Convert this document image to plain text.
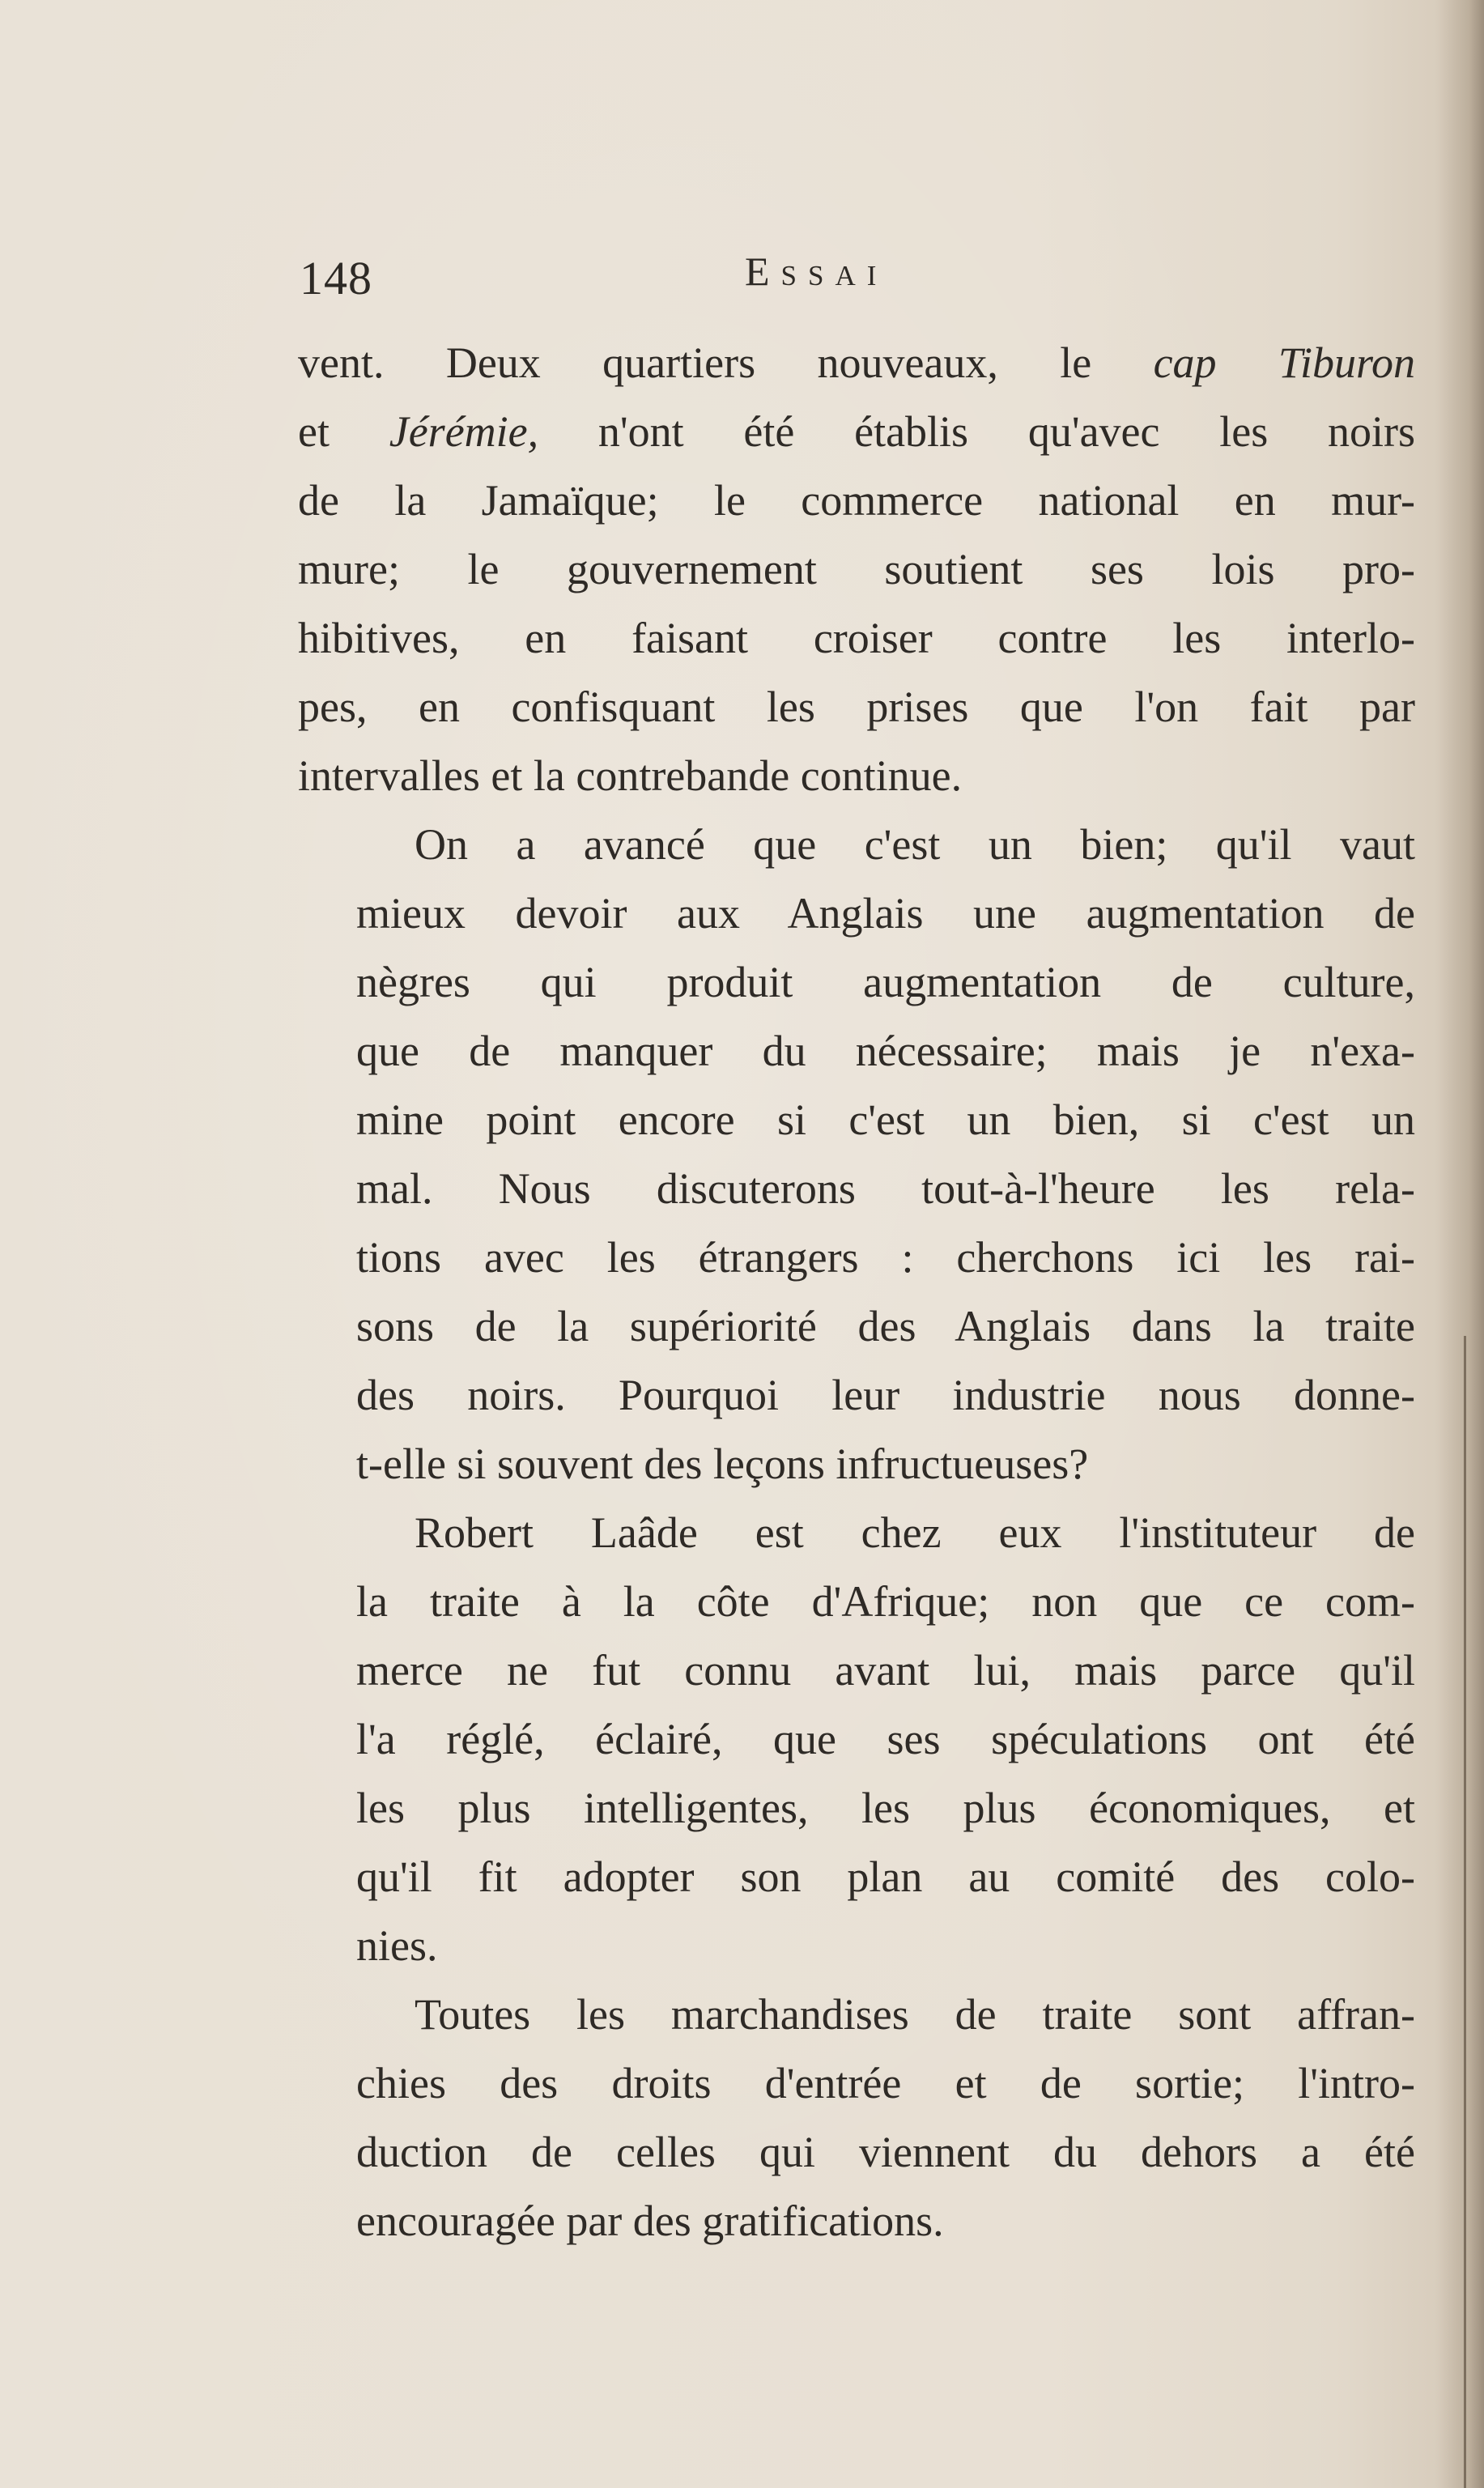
148	Essai

vent. Deux quartiers nouveaux, le cap Tiburon
et Jérémie, n'ont été établis qu'avec les noirs
de la Jamaïque; le commerce national en mur-
mure; le gouvernement soutient ses lois pro-
hibitives, en faisant croiser contre les interlo-
pes, en confisquant les prises que l'on fait par
intervalles et la contrebande continue.

On a avancé que c'est un bien; qu'il vaut
mieux devoir aux Anglais une augmentation de
nègres qui produit augmentation de culture,
que de manquer du nécessaire; mais je n'exa-
mine point encore si c'est un bien, si c'est un
mal. Nous discuterons tout-à-l'heure les rela-
tions avec les étrangers : cherchons ici les rai-
sons de la supériorité des Anglais dans la traite
des noirs. Pourquoi leur industrie nous donne-
t-elle si souvent des leçons infructueuses?

Robert Laâde est chez eux l'instituteur de
la traite à la côte d'Afrique; non que ce com-
merce ne fut connu avant lui, mais parce qu'il
l'a réglé, éclairé, que ses spéculations ont été
les plus intelligentes, les plus économiques, et
qu'il fit adopter son plan au comité des colo-
nies.

Toutes les marchandises de traite sont affran-
chies des droits d'entrée et de sortie; l'intro-
duction de celles qui viennent du dehors a été
encouragée par des gratifications.
